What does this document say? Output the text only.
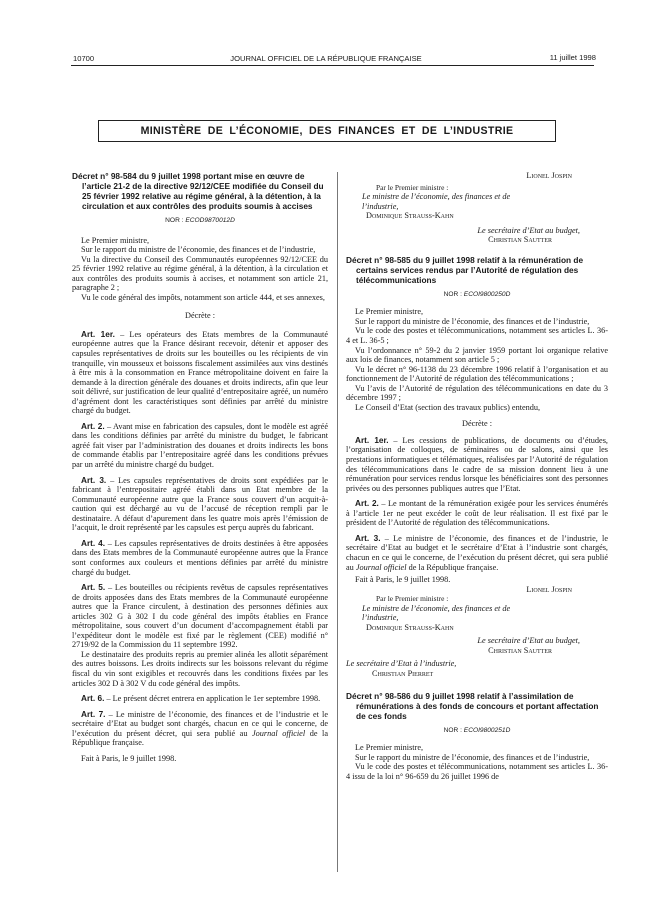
10700	JOURNAL OFFICIEL DE LA RÉPUBLIQUE FRANÇAISE	11 juillet 1998
MINISTÈRE DE L’ÉCONOMIE, DES FINANCES ET DE L’INDUSTRIE
Décret n° 98-584 du 9 juillet 1998 portant mise en œuvre de l’article 21-2 de la directive 92/12/CEE modifiée du Conseil du 25 février 1992 relative au régime général, à la détention, à la circulation et aux contrôles des produits soumis à accises
NOR : ECOD9870012D

Le Premier ministre,

Sur le rapport du ministre de l’économie, des finances et de l’industrie,

Vu la directive du Conseil des Communautés européennes 92/12/CEE du 25 février 1992 relative au régime général, à la détention, à la circulation et aux contrôles des produits soumis à accises, et notamment son article 21, paragraphe 2 ;

Vu le code général des impôts, notamment son article 444, et ses annexes,

Décrète :

Art. 1er. – Les opérateurs des Etats membres de la Communauté européenne autres que la France désirant recevoir, détenir et apposer des capsules représentatives de droits sur les bouteilles ou les récipients de vin tranquille, vin mousseux et boissons fiscalement assimilées aux vins destinés à être mis à la consommation en France métropolitaine doivent en faire la demande à la direction générale des douanes et droits indirects, afin que leur soit délivré, sur justification de leur qualité d’entrepositaire agréé, un numéro d’agrément dont les caractéristiques sont définies par arrêté du ministre chargé du budget.

Art. 2. – Avant mise en fabrication des capsules, dont le modèle est agréé dans les conditions définies par arrêté du ministre du budget, le fabricant agréé fait viser par l’administration des douanes et droits indirects les bons de commande établis par l’entrepositaire agréé dans les conditions prévues par un arrêté du ministre chargé du budget.

Art. 3. – Les capsules représentatives de droits sont expédiées par le fabricant à l’entrepositaire agréé établi dans un Etat membre de la Communauté européenne autre que la France sous couvert d’un acquit-à-caution qui est déchargé au vu de l’accusé de réception rempli par le destinataire. A défaut d’apurement dans les quatre mois après l’émission de l’acquit, le droit représenté par les capsules est perçu auprès du fabricant.

Art. 4. – Les capsules représentatives de droits destinées à être apposées dans des Etats membres de la Communauté européenne autres que la France sont conformes aux couleurs et mentions définies par arrêté du ministre chargé du budget.

Art. 5. – Les bouteilles ou récipients revêtus de capsules représentatives de droits apposées dans des Etats membres de la Communauté européenne autres que la France circulent, à destination des personnes définies aux articles 302 G à 302 I du code général des impôts établies en France métropolitaine, sous couvert d’un document d’accompagnement établi par l’expéditeur dont le modèle est fixé par le règlement (CEE) modifié n° 2719/92 de la Commission du 11 septembre 1992.

Le destinataire des produits repris au premier alinéa les allotit séparément des autres boissons. Les droits indirects sur les boissons relevant du régime fiscal du vin sont exigibles et recouvrés dans les conditions fixées par les articles 302 D à 302 V du code général des impôts.

Art. 6. – Le présent décret entrera en application le 1er septembre 1998.

Art. 7. – Le ministre de l’économie, des finances et de l’industrie et le secrétaire d’Etat au budget sont chargés, chacun en ce qui le concerne, de l’exécution du présent décret, qui sera publié au Journal officiel de la République française.

Fait à Paris, le 9 juillet 1998.

Lionel Jospin

Par le Premier ministre :

Le ministre de l’économie, des finances et de l’industrie,

Dominique Strauss-Kahn

Le secrétaire d’Etat au budget,

Christian Sautter

Décret n° 98-585 du 9 juillet 1998 relatif à la rémunération de certains services rendus par l’Autorité de régulation des télécommunications
NOR : ECOI9800250D

Le Premier ministre,

Sur le rapport du ministre de l’économie, des finances et de l’industrie,

Vu le code des postes et télécommunications, notamment ses articles L. 36-4 et L. 36-5 ;

Vu l’ordonnance n° 59-2 du 2 janvier 1959 portant loi organique relative aux lois de finances, notamment son article 5 ;

Vu le décret n° 96-1138 du 23 décembre 1996 relatif à l’organisation et au fonctionnement de l’Autorité de régulation des télécommunications ;

Vu l’avis de l’Autorité de régulation des télécommunications en date du 3 décembre 1997 ;

Le Conseil d’Etat (section des travaux publics) entendu,

Décrète :

Art. 1er. – Les cessions de publications, de documents ou d’études, l’organisation de colloques, de séminaires ou de salons, ainsi que les prestations informatiques et télématiques, réalisées par l’Autorité de régulation des télécommunications dans le cadre de sa mission donnent lieu à une rémunération pour services rendus lorsque les bénéficiaires sont des personnes privées ou des personnes publiques autres que l’Etat.

Art. 2. – Le montant de la rémunération exigée pour les services énumérés à l’article 1er ne peut excéder le coût de leur réalisation. Il est fixé par le président de l’Autorité de régulation des télécommunications.

Art. 3. – Le ministre de l’économie, des finances et de l’industrie, le secrétaire d’Etat au budget et le secrétaire d’Etat à l’industrie sont chargés, chacun en ce qui le concerne, de l’exécution du présent décret, qui sera publié au Journal officiel de la République française.

Fait à Paris, le 9 juillet 1998.

Lionel Jospin

Par le Premier ministre :

Le ministre de l’économie, des finances et de l’industrie,

Dominique Strauss-Kahn

Le secrétaire d’Etat au budget,

Christian Sautter

Le secrétaire d’Etat à l’industrie,

Christian Pierret

Décret n° 98-586 du 9 juillet 1998 relatif à l’assimilation de rémunérations à des fonds de concours et portant affectation de ces fonds
NOR : ECOI9800251D

Le Premier ministre,

Sur le rapport du ministre de l’économie, des finances et de l’industrie,

Vu le code des postes et télécommunications, notamment ses articles L. 36-4 issu de la loi n° 96-659 du 26 juillet 1996 de
